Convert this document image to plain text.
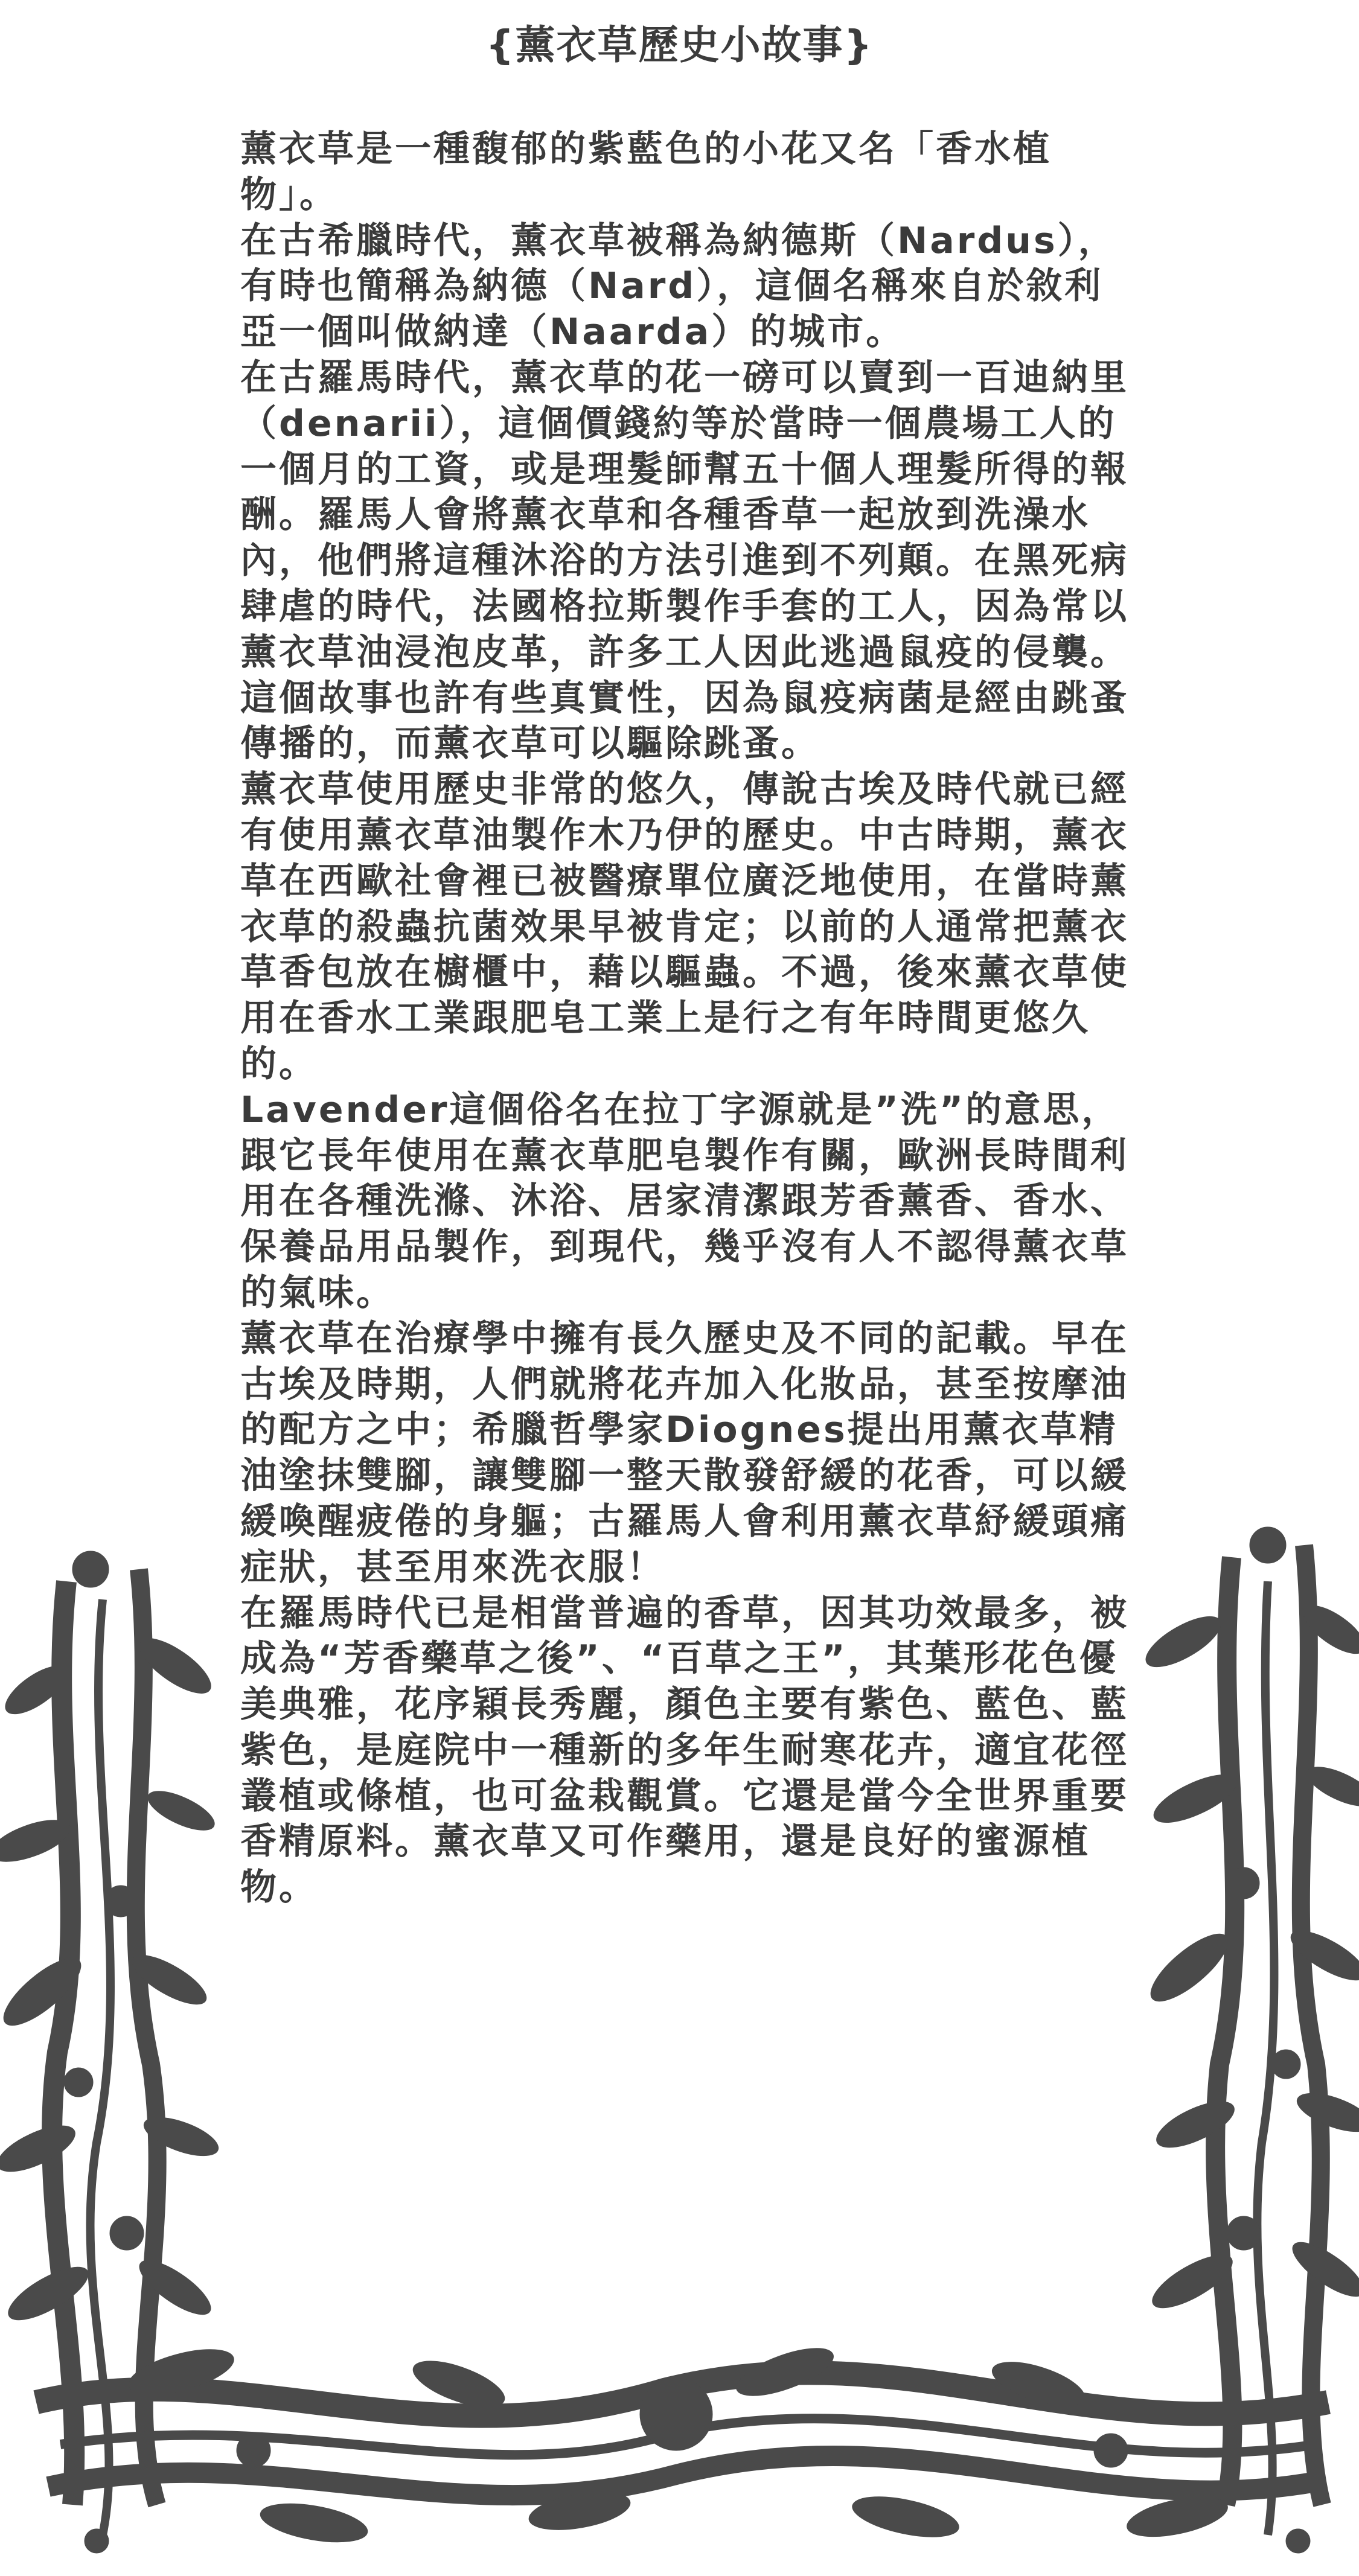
{薰衣草歷史小故事}

薰衣草是一種馥郁的紫藍色的小花又名「香水植物」。

在古希臘時代，薰衣草被稱為納德斯（Nardus），有時也簡稱為納德（Nard），這個名稱來自於敘利亞一個叫做納達（Naarda）的城市。

在古羅馬時代，薰衣草的花一磅可以賣到一百迪納里（denarii），這個價錢約等於當時一個農場工人的一個月的工資，或是理髮師幫五十個人理髮所得的報酬。羅馬人會將薰衣草和各種香草一起放到洗澡水內，他們將這種沐浴的方法引進到不列顛。在黑死病肆虐的時代，法國格拉斯製作手套的工人，因為常以薰衣草油浸泡皮革，許多工人因此逃過鼠疫的侵襲。這個故事也許有些真實性，因為鼠疫病菌是經由跳蚤傳播的，而薰衣草可以驅除跳蚤。

薰衣草使用歷史非常的悠久，傳說古埃及時代就已經有使用薰衣草油製作木乃伊的歷史。中古時期，薰衣草在西歐社會裡已被醫療單位廣泛地使用，在當時薰衣草的殺蟲抗菌效果早被肯定；以前的人通常把薰衣草香包放在櫥櫃中，藉以驅蟲。不過，後來薰衣草使用在香水工業跟肥皂工業上是行之有年時間更悠久的。

Lavender這個俗名在拉丁字源就是”洗”的意思，跟它長年使用在薰衣草肥皂製作有關，歐洲長時間利用在各種洗滌、沐浴、居家清潔跟芳香薰香、香水、保養品用品製作，到現代，幾乎沒有人不認得薰衣草的氣味。

薰衣草在治療學中擁有長久歷史及不同的記載。早在古埃及時期，人們就將花卉加入化妝品，甚至按摩油的配方之中；希臘哲學家Diognes提出用薰衣草精油塗抹雙腳，讓雙腳一整天散發舒緩的花香，可以緩緩喚醒疲倦的身軀；古羅馬人會利用薰衣草紓緩頭痛症狀，甚至用來洗衣服！

在羅馬時代已是相當普遍的香草，因其功效最多，被成為“芳香藥草之後”、“百草之王”，其葉形花色優美典雅，花序穎長秀麗，顏色主要有紫色、藍色、藍紫色，是庭院中一種新的多年生耐寒花卉，適宜花徑叢植或條植，也可盆栽觀賞。它還是當今全世界重要香精原料。薰衣草又可作藥用，還是良好的蜜源植物。
